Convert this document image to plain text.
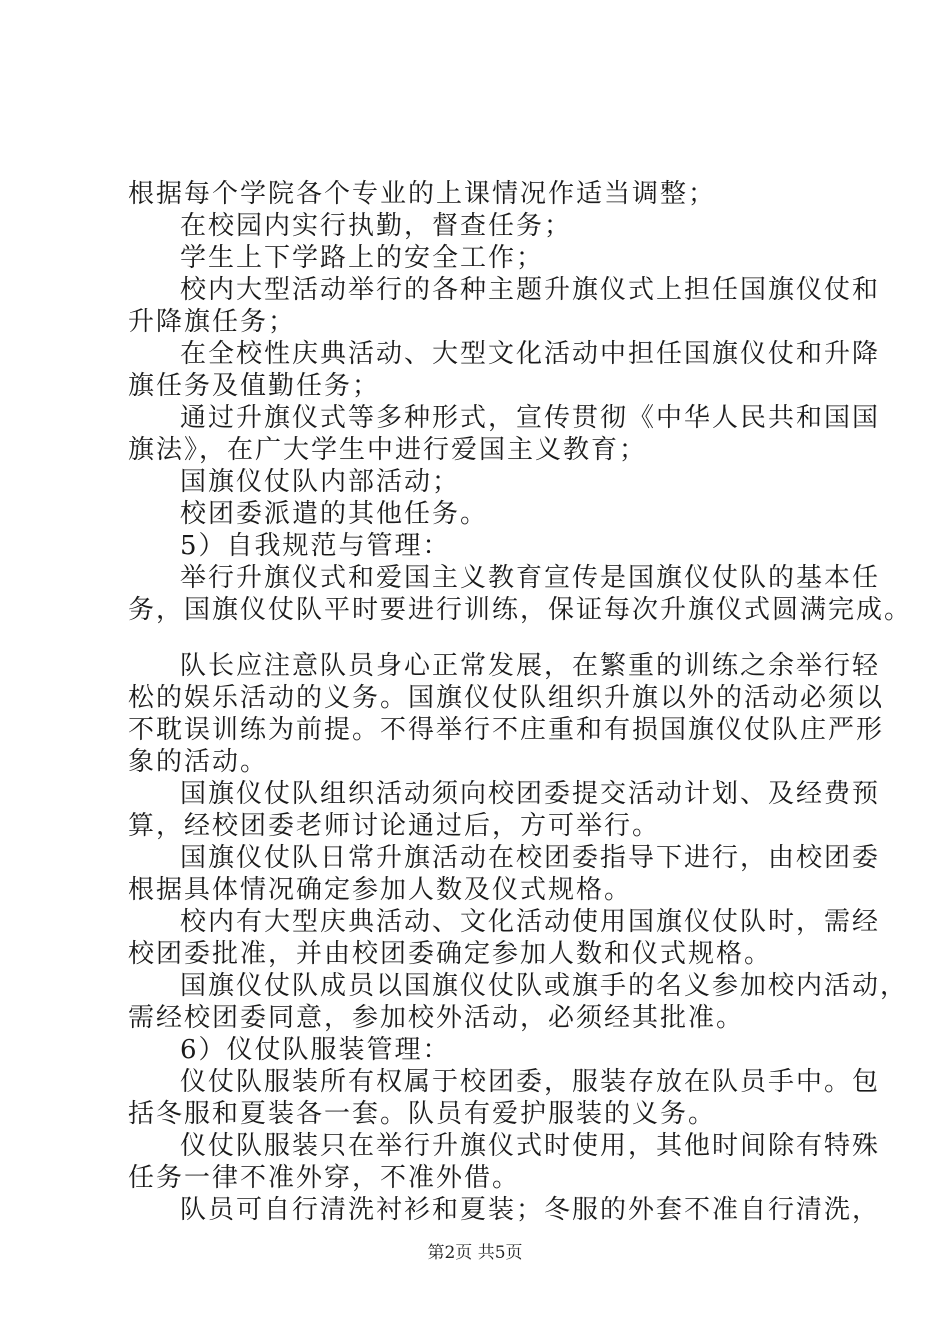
根据每个学院各个专业的上课情况作适当调整；
在校园内实行执勤，督查任务；
学生上下学路上的安全工作；
校内大型活动举行的各种主题升旗仪式上担任国旗仪仗和
升降旗任务；
在全校性庆典活动、大型文化活动中担任国旗仪仗和升降
旗任务及值勤任务；
通过升旗仪式等多种形式，宣传贯彻《中华人民共和国国
旗法》，在广大学生中进行爱国主义教育；
国旗仪仗队内部活动；
校团委派遣的其他任务。
5）自我规范与管理：
举行升旗仪式和爱国主义教育宣传是国旗仪仗队的基本任
务，国旗仪仗队平时要进行训练，保证每次升旗仪式圆满完成。
队长应注意队员身心正常发展，在繁重的训练之余举行轻
松的娱乐活动的义务。国旗仪仗队组织升旗以外的活动必须以
不耽误训练为前提。不得举行不庄重和有损国旗仪仗队庄严形
象的活动。
国旗仪仗队组织活动须向校团委提交活动计划、及经费预
算，经校团委老师讨论通过后，方可举行。
国旗仪仗队日常升旗活动在校团委指导下进行，由校团委
根据具体情况确定参加人数及仪式规格。
校内有大型庆典活动、文化活动使用国旗仪仗队时，需经
校团委批准，并由校团委确定参加人数和仪式规格。
国旗仪仗队成员以国旗仪仗队或旗手的名义参加校内活动，
需经校团委同意，参加校外活动，必须经其批准。
6）仪仗队服装管理：
仪仗队服装所有权属于校团委，服装存放在队员手中。包
括冬服和夏装各一套。队员有爱护服装的义务。
仪仗队服装只在举行升旗仪式时使用，其他时间除有特殊
任务一律不准外穿，不准外借。
队员可自行清洗衬衫和夏装；冬服的外套不准自行清洗，
第2页 共5页
